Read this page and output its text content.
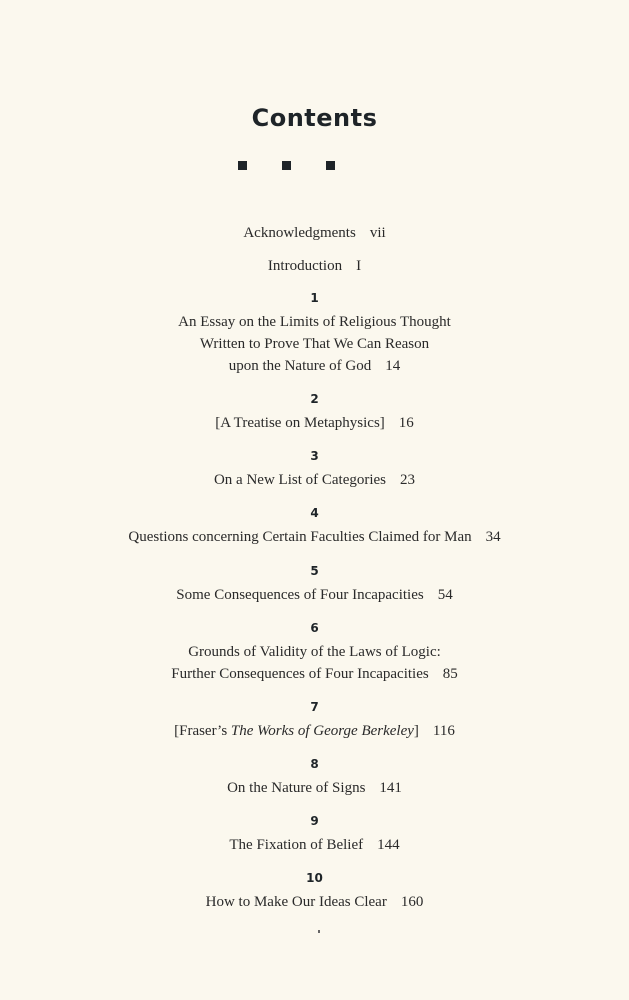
Contents
Acknowledgments vii
Introduction I
1
An Essay on the Limits of Religious Thought
Written to Prove That We Can Reason
upon the Nature of God 14
2
[A Treatise on Metaphysics] 16
3
On a New List of Categories 23
4
Questions concerning Certain Faculties Claimed for Man 34
5
Some Consequences of Four Incapacities 54
6
Grounds of Validity of the Laws of Logic:
Further Consequences of Four Incapacities 85
7
[Fraser’s The Works of George Berkeley] 116
8
On the Nature of Signs 141
9
The Fixation of Belief 144
10
How to Make Our Ideas Clear 160
